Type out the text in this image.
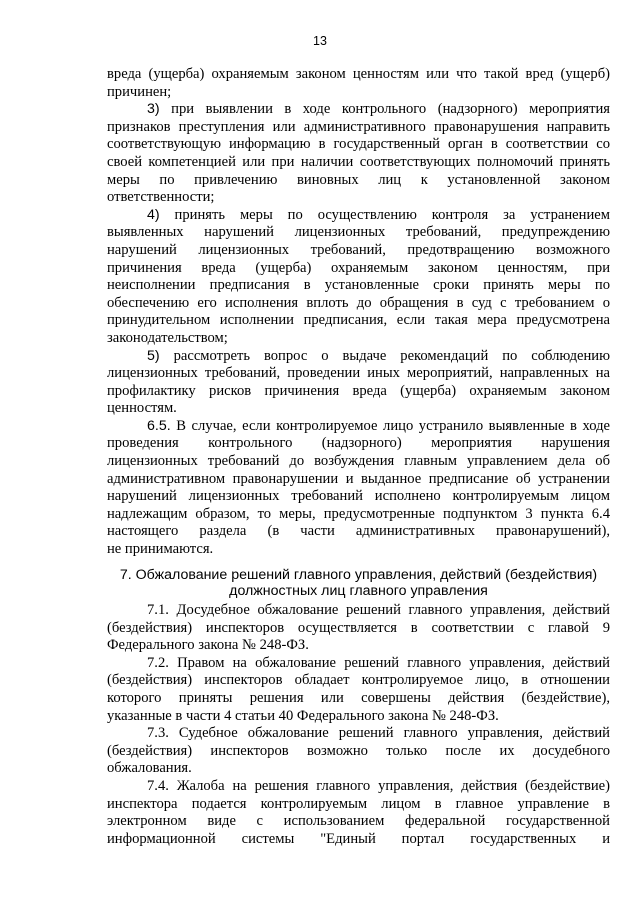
13
вреда (ущерба) охраняемым законом ценностям или что такой вред (ущерб)
причинен;
3) при выявлении в ходе контрольного (надзорного) мероприятия
признаков преступления или административного правонарушения направить
соответствующую информацию в государственный орган в соответствии со
своей компетенцией или при наличии соответствующих полномочий принять
меры по привлечению виновных лиц к установленной законом
ответственности;
4) принять меры по осуществлению контроля за устранением
выявленных нарушений лицензионных требований, предупреждению
нарушений лицензионных требований, предотвращению возможного
причинения вреда (ущерба) охраняемым законом ценностям, при
неисполнении предписания в установленные сроки принять меры по
обеспечению его исполнения вплоть до обращения в суд с требованием о
принудительном исполнении предписания, если такая мера предусмотрена
законодательством;
5) рассмотреть вопрос о выдаче рекомендаций по соблюдению
лицензионных требований, проведении иных мероприятий, направленных на
профилактику рисков причинения вреда (ущерба) охраняемым законом
ценностям.
6.5. В случае, если контролируемое лицо устранило выявленные в ходе
проведения контрольного (надзорного) мероприятия нарушения
лицензионных требований до возбуждения главным управлением дела об
административном правонарушении и выданное предписание об устранении
нарушений лицензионных требований исполнено контролируемым лицом
надлежащим образом, то меры, предусмотренные подпунктом 3 пункта 6.4
настоящего раздела (в части административных правонарушений),
не принимаются.
7. Обжалование решений главного управления, действий (бездействия)
должностных лиц главного управления
7.1. Досудебное обжалование решений главного управления, действий
(бездействия) инспекторов осуществляется в соответствии с главой 9
Федерального закона № 248-ФЗ.
7.2. Правом на обжалование решений главного управления, действий
(бездействия) инспекторов обладает контролируемое лицо, в отношении
которого приняты решения или совершены действия (бездействие),
указанные в части 4 статьи 40 Федерального закона № 248-ФЗ.
7.3. Судебное обжалование решений главного управления, действий
(бездействия) инспекторов возможно только после их досудебного
обжалования.
7.4. Жалоба на решения главного управления, действия (бездействие)
инспектора подается контролируемым лицом в главное управление в
электронном виде с использованием федеральной государственной
информационной системы "Единый портал государственных и
